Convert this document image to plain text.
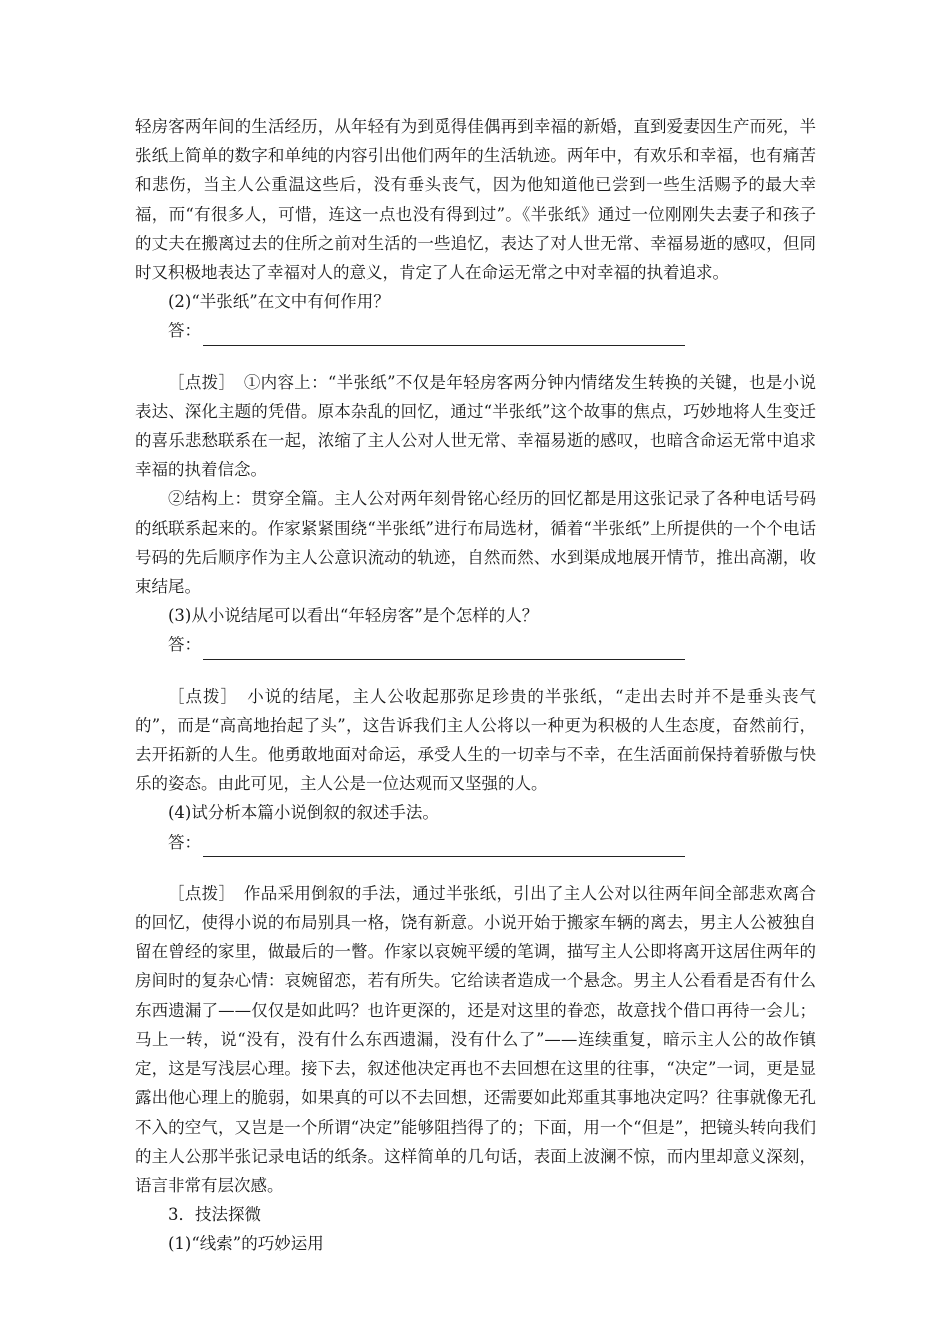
轻房客两年间的生活经历，从年轻有为到觅得佳偶再到幸福的新婚，直到爱妻因生产而死，半张纸上简单的数字和单纯的内容引出他们两年的生活轨迹。两年中，有欢乐和幸福，也有痛苦和悲伤，当主人公重温这些后，没有垂头丧气，因为他知道他已尝到一些生活赐予的最大幸福，而“有很多人，可惜，连这一点也没有得到过”。《半张纸》通过一位刚刚失去妻子和孩子的丈夫在搬离过去的住所之前对生活的一些追忆，表达了对人世无常、幸福易逝的感叹，但同时又积极地表达了幸福对人的意义，肯定了人在命运无常之中对幸福的执着追求。

(2)“半张纸”在文中有何作用？

答：

［点拨］　①内容上：“半张纸”不仅是年轻房客两分钟内情绪发生转换的关键，也是小说表达、深化主题的凭借。原本杂乱的回忆，通过“半张纸”这个故事的焦点，巧妙地将人生变迁的喜乐悲愁联系在一起，浓缩了主人公对人世无常、幸福易逝的感叹，也暗含命运无常中追求幸福的执着信念。

②结构上：贯穿全篇。主人公对两年刻骨铭心经历的回忆都是用这张记录了各种电话号码的纸联系起来的。作家紧紧围绕“半张纸”进行布局选材，循着“半张纸”上所提供的一个个电话号码的先后顺序作为主人公意识流动的轨迹，自然而然、水到渠成地展开情节，推出高潮，收束结尾。

(3)从小说结尾可以看出“年轻房客”是个怎样的人？

答：

［点拨］　小说的结尾，主人公收起那弥足珍贵的半张纸，“走出去时并不是垂头丧气的”，而是“高高地抬起了头”，这告诉我们主人公将以一种更为积极的人生态度，奋然前行，去开拓新的人生。他勇敢地面对命运，承受人生的一切幸与不幸，在生活面前保持着骄傲与快乐的姿态。由此可见，主人公是一位达观而又坚强的人。

(4)试分析本篇小说倒叙的叙述手法。

答：

［点拨］　作品采用倒叙的手法，通过半张纸，引出了主人公对以往两年间全部悲欢离合的回忆，使得小说的布局别具一格，饶有新意。小说开始于搬家车辆的离去，男主人公被独自留在曾经的家里，做最后的一瞥。作家以哀婉平缓的笔调，描写主人公即将离开这居住两年的房间时的复杂心情：哀婉留恋，若有所失。它给读者造成一个悬念。男主人公看看是否有什么东西遗漏了——仅仅是如此吗？也许更深的，还是对这里的眷恋，故意找个借口再待一会儿；马上一转，说“没有，没有什么东西遗漏，没有什么了”——连续重复，暗示主人公的故作镇定，这是写浅层心理。接下去，叙述他决定再也不去回想在这里的往事，“决定”一词，更是显露出他心理上的脆弱，如果真的可以不去回想，还需要如此郑重其事地决定吗？往事就像无孔不入的空气，又岂是一个所谓“决定”能够阻挡得了的；下面，用一个“但是”，把镜头转向我们的主人公那半张记录电话的纸条。这样简单的几句话，表面上波澜不惊，而内里却意义深刻，语言非常有层次感。

3．技法探微

(1)“线索”的巧妙运用
